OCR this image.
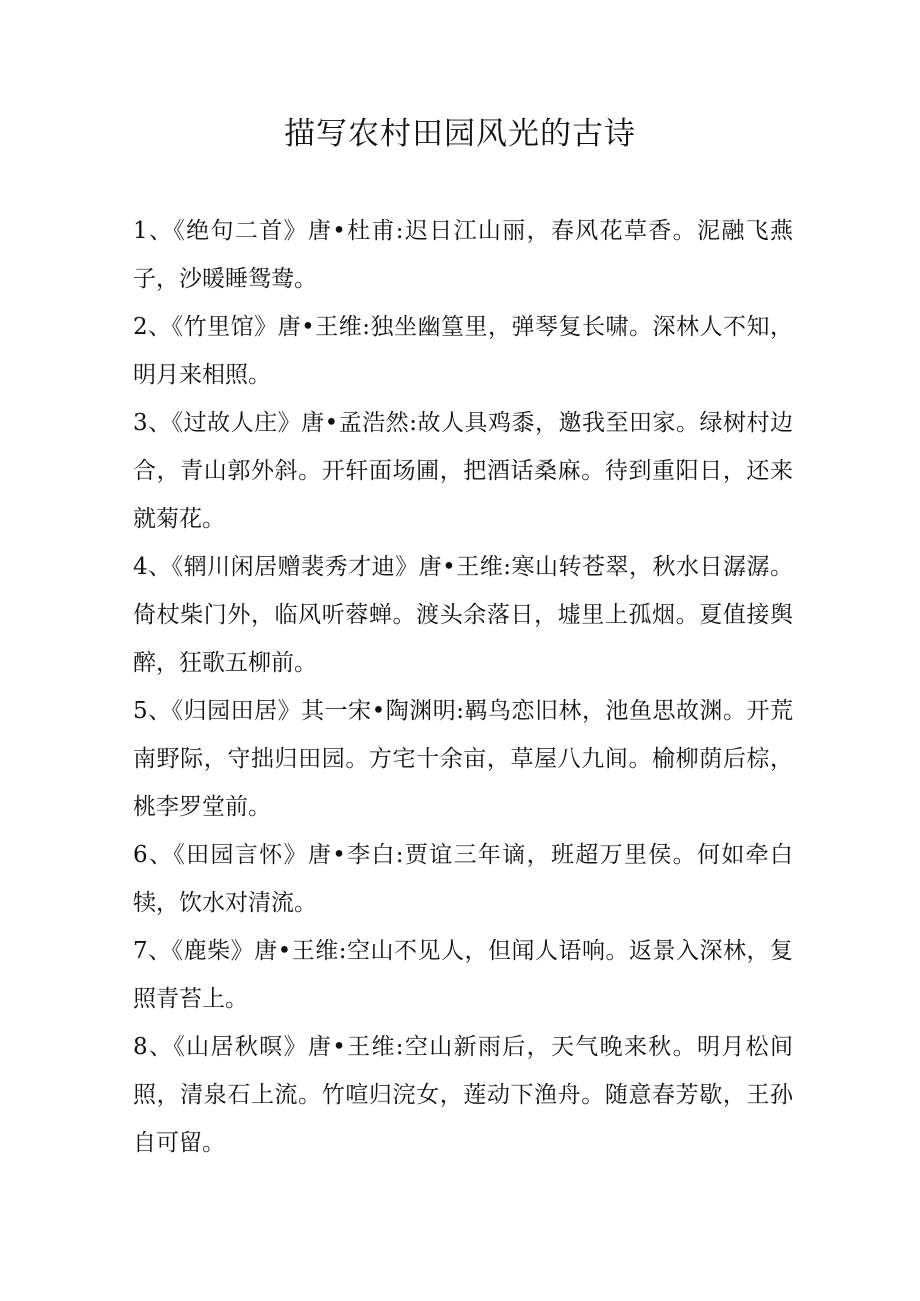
描写农村田园风光的古诗
1、《绝句二首》唐•杜甫:迟日江山丽，春风花草香。泥融飞燕子，沙暖睡鸳鸯。
2、《竹里馆》唐•王维:独坐幽篁里，弹琴复长啸。深林人不知，明月来相照。
3、《过故人庄》唐•孟浩然:故人具鸡黍，邀我至田家。绿树村边合，青山郭外斜。开轩面场圃，把酒话桑麻。待到重阳日，还来就菊花。
4、《辋川闲居赠裴秀才迪》唐•王维:寒山转苍翠，秋水日潺潺。倚杖柴门外，临风听蓉蝉。渡头余落日，墟里上孤烟。夏值接舆醉，狂歌五柳前。
5、《归园田居》其一宋•陶渊明:羁鸟恋旧林，池鱼思故渊。开荒南野际，守拙归田园。方宅十余亩，草屋八九间。榆柳荫后棕，桃李罗堂前。
6、《田园言怀》唐•李白:贾谊三年谪，班超万里侯。何如牵白犊，饮水对清流。
7、《鹿柴》唐•王维:空山不见人，但闻人语响。返景入深林，复照青苔上。
8、《山居秋暝》唐•王维:空山新雨后，天气晚来秋。明月松间照，清泉石上流。竹喧归浣女，莲动下渔舟。随意春芳歇，王孙自可留。
